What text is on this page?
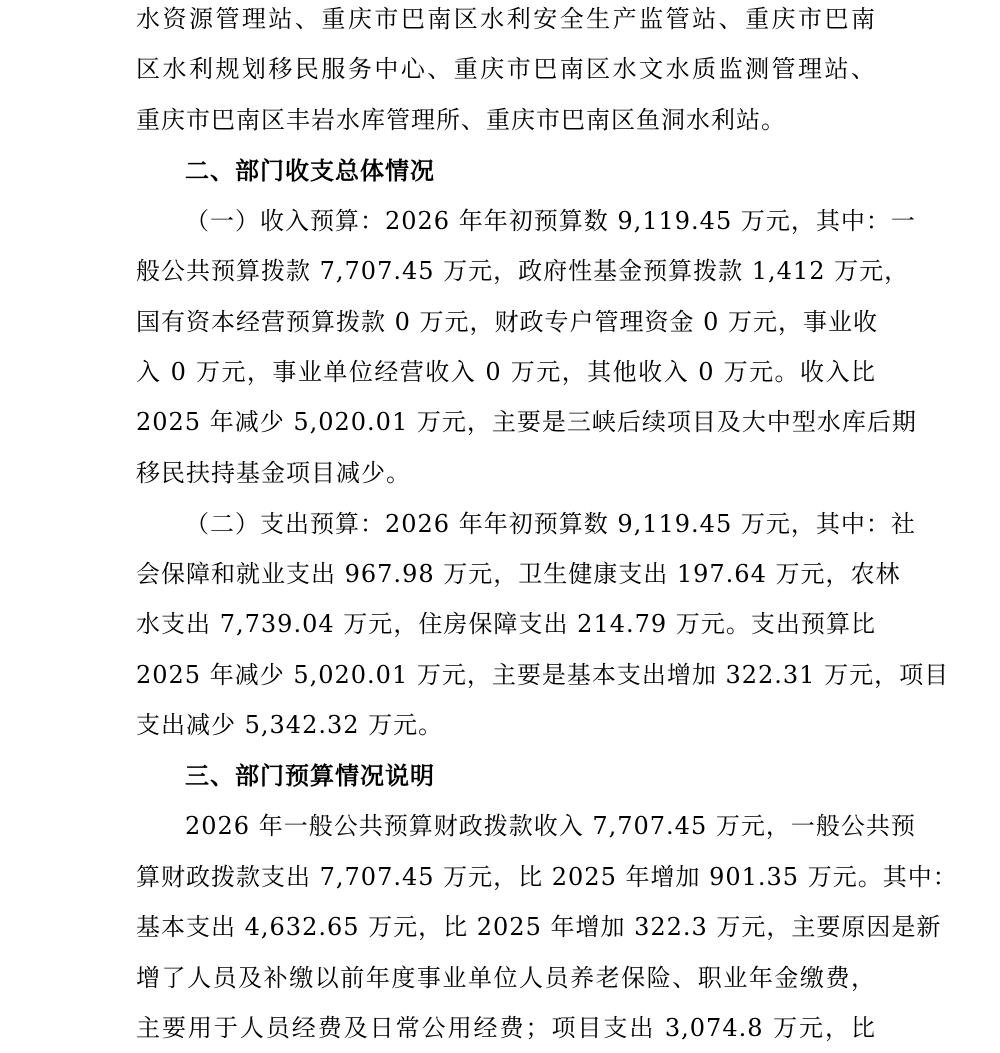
水资源管理站、重庆市巴南区水利安全生产监管站、重庆市巴南
区水利规划移民服务中心、重庆市巴南区水文水质监测管理站、
重庆市巴南区丰岩水库管理所、重庆市巴南区鱼洞水利站。
二、部门收支总体情况
（一）收入预算：2026 年年初预算数 9,119.45 万元，其中：一
般公共预算拨款 7,707.45 万元，政府性基金预算拨款 1,412 万元，
国有资本经营预算拨款 0 万元，财政专户管理资金 0 万元，事业收
入 0 万元，事业单位经营收入 0 万元，其他收入 0 万元。收入比
2025 年减少 5,020.01 万元，主要是三峡后续项目及大中型水库后期
移民扶持基金项目减少。
（二）支出预算：2026 年年初预算数 9,119.45 万元，其中：社
会保障和就业支出 967.98 万元，卫生健康支出 197.64 万元，农林
水支出 7,739.04 万元，住房保障支出 214.79 万元。支出预算比
2025 年减少 5,020.01 万元，主要是基本支出增加 322.31 万元，项目
支出减少 5,342.32 万元。
三、部门预算情况说明
2026 年一般公共预算财政拨款收入 7,707.45 万元，一般公共预
算财政拨款支出 7,707.45 万元，比 2025 年增加 901.35 万元。其中：
基本支出 4,632.65 万元，比 2025 年增加 322.3 万元，主要原因是新
增了人员及补缴以前年度事业单位人员养老保险、职业年金缴费，
主要用于人员经费及日常公用经费；项目支出 3,074.8 万元，比
